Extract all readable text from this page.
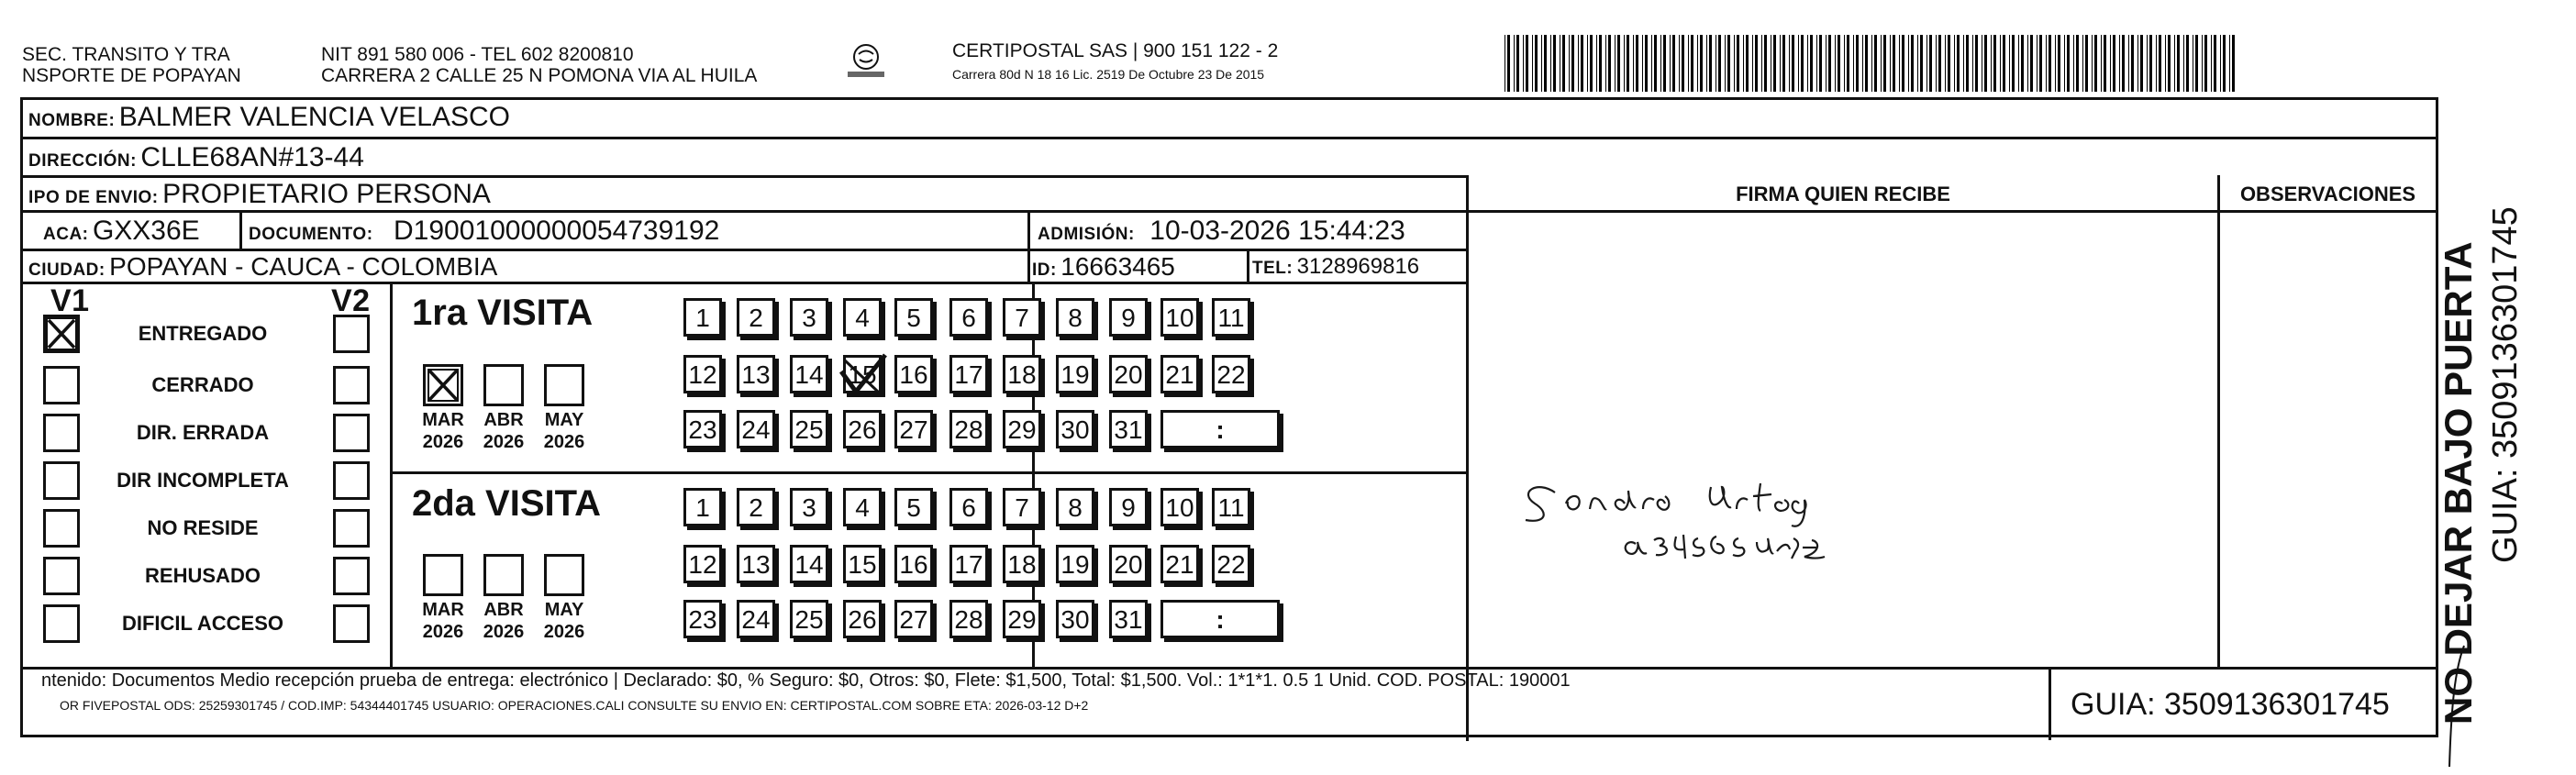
SEC. TRANSITO Y TRA
NSPORTE DE POPAYAN
NIT 891 580 006 - TEL 602 8200810
CARRERA 2 CALLE 25 N POMONA VIA AL HUILA
CERTIPOSTAL SAS | 900 151 122 - 2
Carrera 80d N 18 16 Lic. 2519 De Octubre 23 De 2015
NOMBRE: BALMER VALENCIA VELASCO
DIRECCIÓN: CLLE68AN#13-44
IPO DE ENVIO: PROPIETARIO PERSONA	FIRMA QUIEN RECIBE	OBSERVACIONES
ACA: GXX36E	DOCUMENTO: D19001000000054739192	ADMISIÓN: 10-03-2026 15:44:23
CIUDAD: POPAYAN - CAUCA - COLOMBIA	ID: 16663465	TEL: 3128969816
V1	V2
ENTREGADO
CERRADO
DIR. ERRADA
DIR INCOMPLETA
NO RESIDE
REHUSADO
DIFICIL ACCESO
1ra VISITA
2da VISITA
MAR
2026
ABR
2026
MAY
2026
1	2	3	4	5	6	7	8	9	10 11
12 13 14 15 16 17 18 19 20 21 22
23 24 25 26 27 28 29 30 31	:
MAR
2026
ABR
2026
MAY
2026
1	2	3	4	5	6	7	8	9	10 11
12 13 14 15 16 17 18 19 20 21 22
23 24 25 26 27 28 29 30 31	:
ntenido: Documentos Medio recepción prueba de entrega: electrónico | Declarado: $0, % Seguro: $0, Otros: $0, Flete: $1,500, Total: $1,500. Vol.: 1*1*1. 0.5 1 Unid. COD. POSTAL: 190001
OR FIVEPOSTAL ODS: 25259301745 / COD.IMP: 54344401745 USUARIO: OPERACIONES.CALI CONSULTE SU ENVIO EN: CERTIPOSTAL.COM SOBRE ETA: 2026-03-12 D+2	GUIA: 3509136301745 NO DEJAR BAJO PUERTA GUIA: 3509136301745
